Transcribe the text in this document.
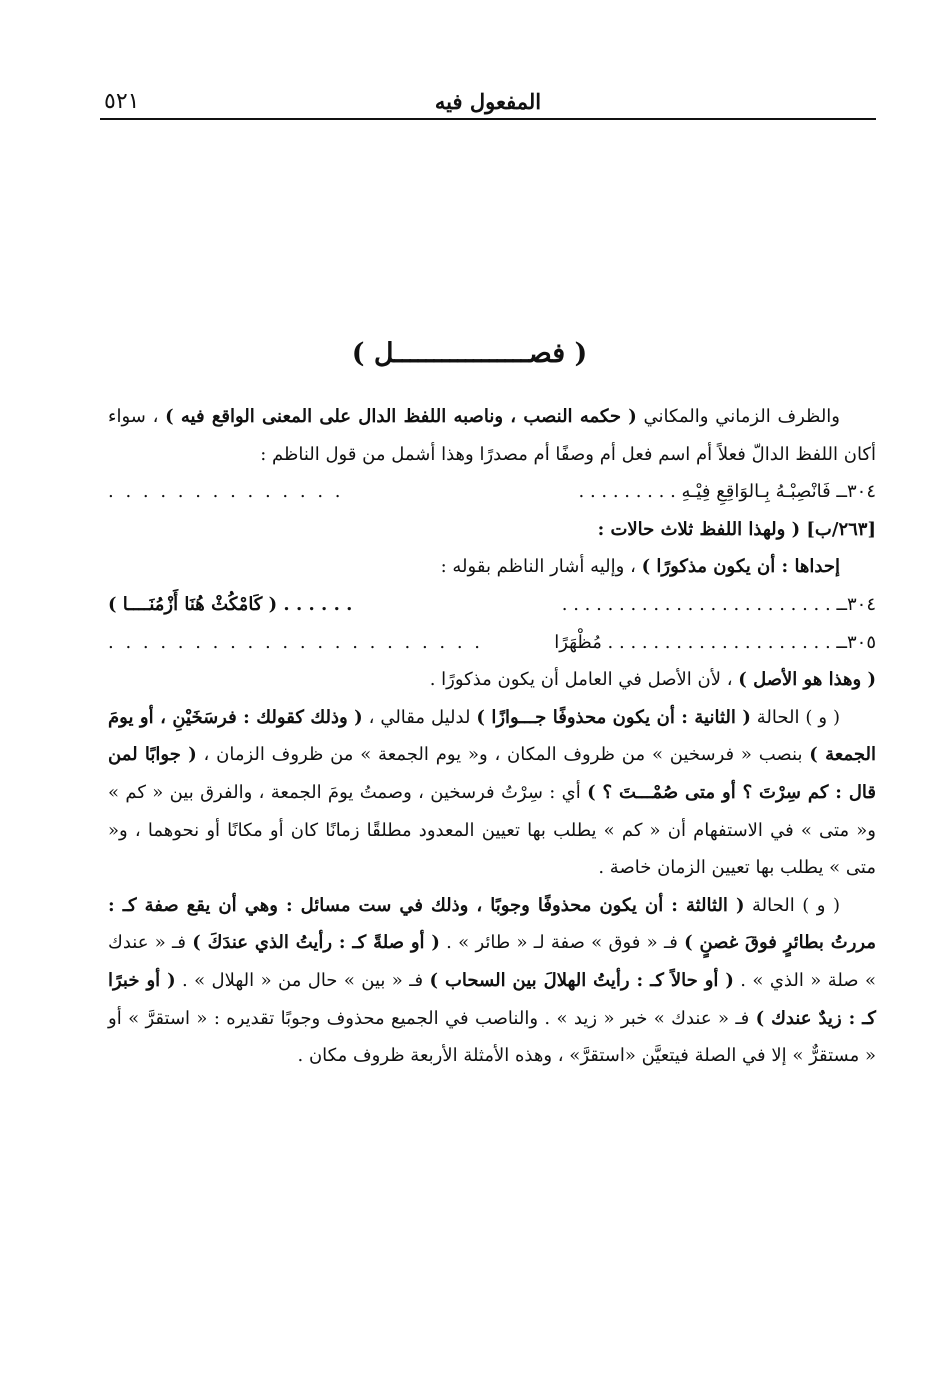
المفعول فيه
٥٢١
( فصـــــــــــــــــل )

والظرف الزماني والمكاني ( حكمه النصب ، وناصبه اللفظ الدال على المعنى الواقع فيه ) ، سواء أكان اللفظ الدالّ فعلاً أم اسم فعل أم وصفًا أم مصدرًا وهذا أشمل من قول الناظم :

٣٠٤ــ فَانْصِبْـهُ بِـالوَاقِعِ فِيْـهِ . . . . . . . . .
. . . . . . . . . . . . . .

[٢٦٣/ب] ( ولهذا اللفظ ثلاث حالات :

إحداها : أن يكون مذكورًا ) ، وإليه أشار الناظم بقوله :

٣٠٤ــ . . . . . . . . . . . . . . . . . . . . . . . .
. . . . . . ( كَامْكُثْ هُنَا أَزْمُنَــــا )
٣٠٥ــ . . . . . . . . . . . . . . . . . . . . مُظْهَرًا
. . . . . . . . . . . . . . . . . . . . . .

( وهذا هو الأصل ) ، لأن الأصل في العامل أن يكون مذكورًا .

( و ) الحالة ( الثانية : أن يكون محذوفًا جـــوازًا ) لدليل مقالي ، ( وذلك كقولك : فرسَخَيْنِ ، أو يومَ الجمعة ) بنصب « فرسخين » من ظروف المكان ، و« يوم الجمعة » من ظروف الزمان ، ( جوابًا لمن قال : كم سِرْتَ ؟ أو متى صُمْـــتَ ؟ ) أي : سِرْتُ فرسخين ، وصمتُ يومَ الجمعة ، والفرق بين « كم » و« متى » في الاستفهام أن « كم » يطلب بها تعيين المعدود مطلقًا زمانًا كان أو مكانًا أو نحوهما ، و« متى » يطلب بها تعيين الزمان خاصة .

( و ) الحالة ( الثالثة : أن يكون محذوفًا وجوبًا ، وذلك في ست مسائل : وهي أن يقع صفة كـ : مررتُ بطائرٍ فوقَ غصنٍ ) فـ « فوق » صفة لـ « طائر » . ( أو صلةً كـ : رأيتُ الذي عندَكَ ) فـ « عندك » صلة « الذي » . ( أو حالاً كـ : رأيتُ الهلالَ بين السحاب ) فـ « بين » حال من « الهلال » . ( أو خبرًا كـ : زيدٌ عندك ) فـ « عندك » خبر « زيد » . والناصب في الجميع محذوف وجوبًا تقديره : « استقرَّ » أو « مستقرٌّ » إلا في الصلة فيتعيَّن «استقرَّ» ، وهذه الأمثلة الأربعة ظروف مكان .
